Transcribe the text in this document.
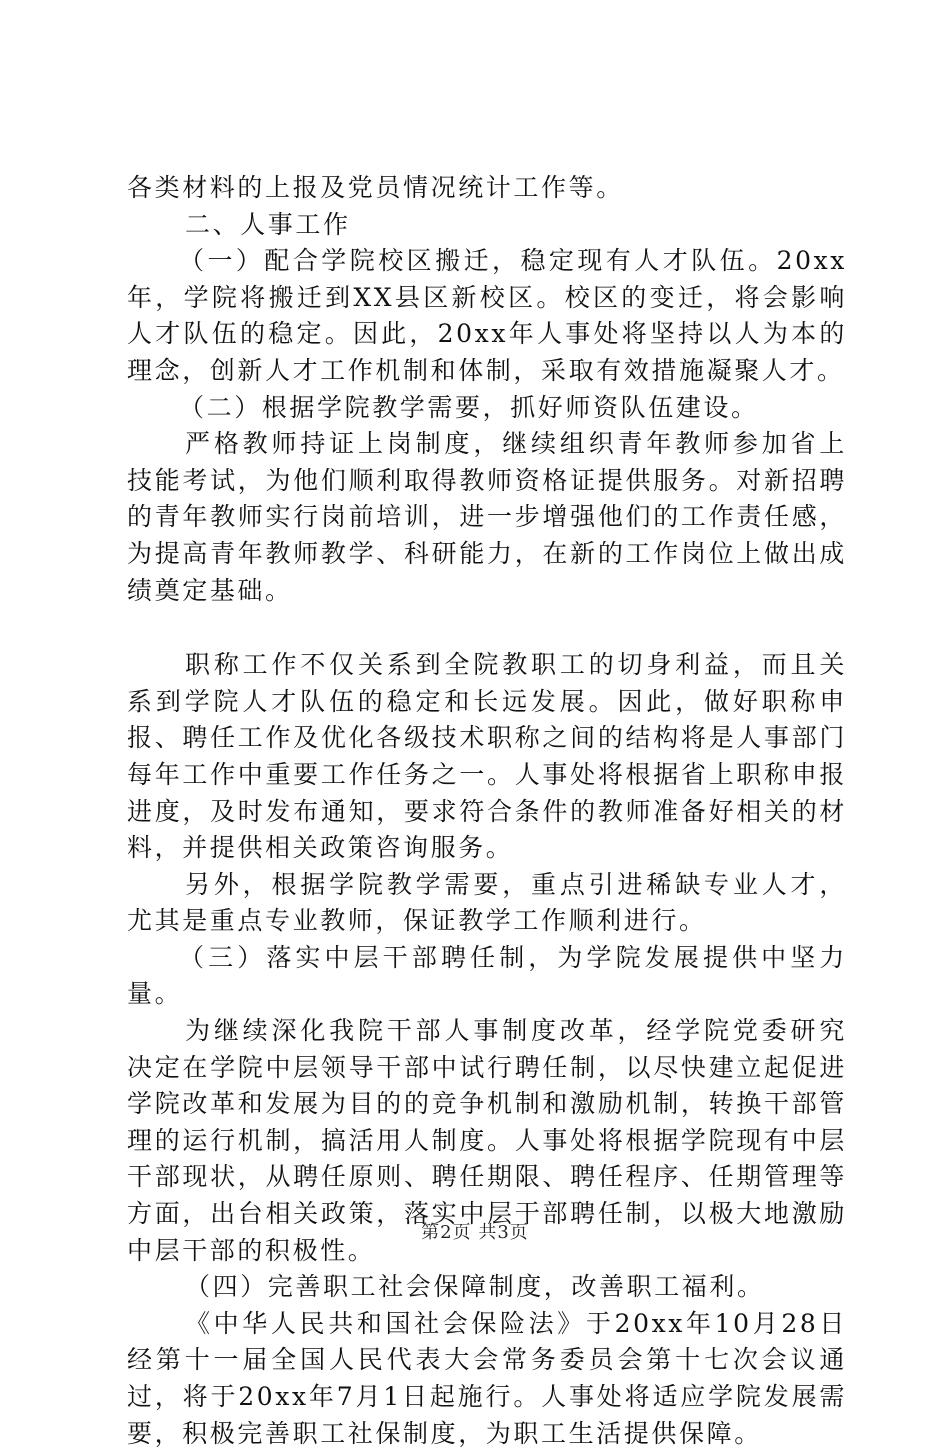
各类材料的上报及党员情况统计工作等。

二、人事工作

（一）配合学院校区搬迁，稳定现有人才队伍。20xx年，学院将搬迁到XX县区新校区。校区的变迁，将会影响人才队伍的稳定。因此，20xx年人事处将坚持以人为本的理念，创新人才工作机制和体制，采取有效措施凝聚人才。

（二）根据学院教学需要，抓好师资队伍建设。

严格教师持证上岗制度，继续组织青年教师参加省上技能考试，为他们顺利取得教师资格证提供服务。对新招聘的青年教师实行岗前培训，进一步增强他们的工作责任感，为提高青年教师教学、科研能力，在新的工作岗位上做出成绩奠定基础。

职称工作不仅关系到全院教职工的切身利益，而且关系到学院人才队伍的稳定和长远发展。因此，做好职称申报、聘任工作及优化各级技术职称之间的结构将是人事部门每年工作中重要工作任务之一。人事处将根据省上职称申报进度，及时发布通知，要求符合条件的教师准备好相关的材料，并提供相关政策咨询服务。

另外，根据学院教学需要，重点引进稀缺专业人才，尤其是重点专业教师，保证教学工作顺利进行。

（三）落实中层干部聘任制，为学院发展提供中坚力量。

为继续深化我院干部人事制度改革，经学院党委研究决定在学院中层领导干部中试行聘任制，以尽快建立起促进学院改革和发展为目的的竞争机制和激励机制，转换干部管理的运行机制，搞活用人制度。人事处将根据学院现有中层干部现状，从聘任原则、聘任期限、聘任程序、任期管理等方面，出台相关政策，落实中层干部聘任制，以极大地激励中层干部的积极性。

（四）完善职工社会保障制度，改善职工福利。

《中华人民共和国社会保险法》于20xx年10月28日经第十一届全国人民代表大会常务委员会第十七次会议通过，将于20xx年7月1日起施行。人事处将适应学院发展需要，积极完善职工社保制度，为职工生活提供保障。

第2页 共3页
